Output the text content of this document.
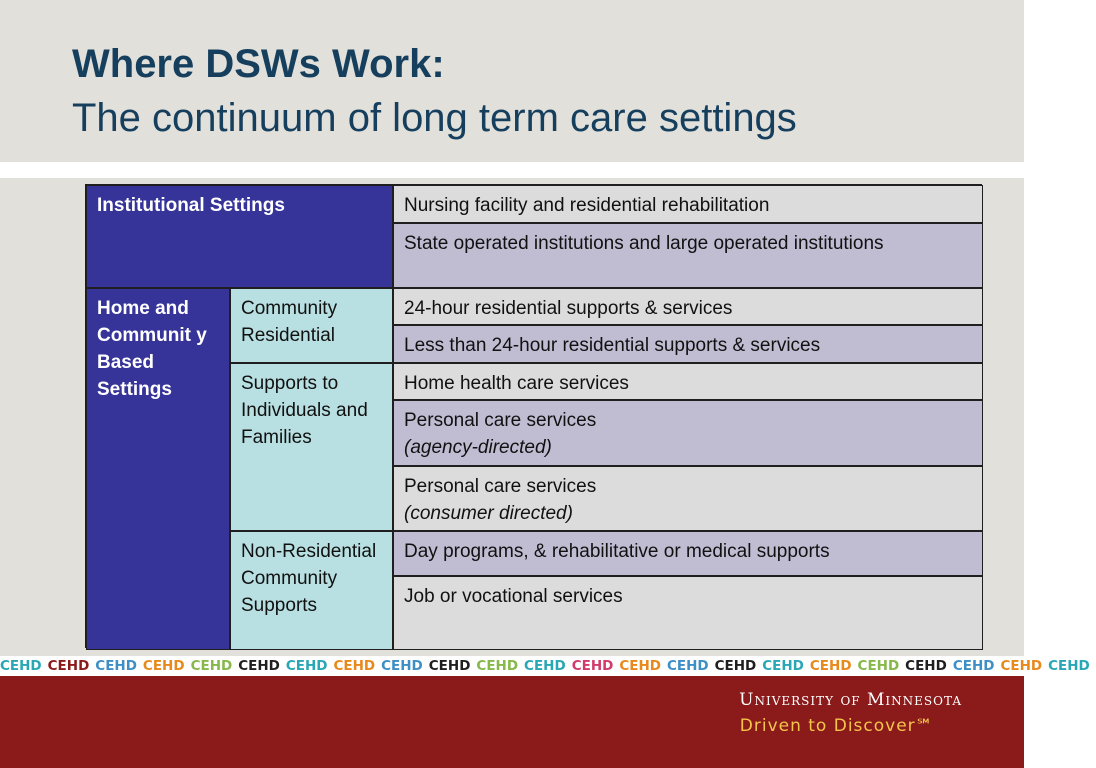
Where DSWs Work:
The continuum of long term care settings
Institutional Settings	Nursing facility and residential rehabilitation
State operated institutions and large operated institutions
Home and Communit y Based Settings
Community Residential
24-hour residential supports & services
Less than 24-hour residential supports & services
Supports to Individuals and Families
Home health care services
Personal care services
(agency-directed)
Personal care services
(consumer directed)
Non-Residential Community Supports
Day programs, & rehabilitative or medical supports
Job or vocational services
CEHD CEHD CEHD CEHD CEHD CEHD CEHD CEHD CEHD CEHD CEHD CEHD CEHD CEHD CEHD CEHD CEHD CEHD CEHD CEHD CEHD CEHD CEHD
University of Minnesota
Driven to Discover℠
